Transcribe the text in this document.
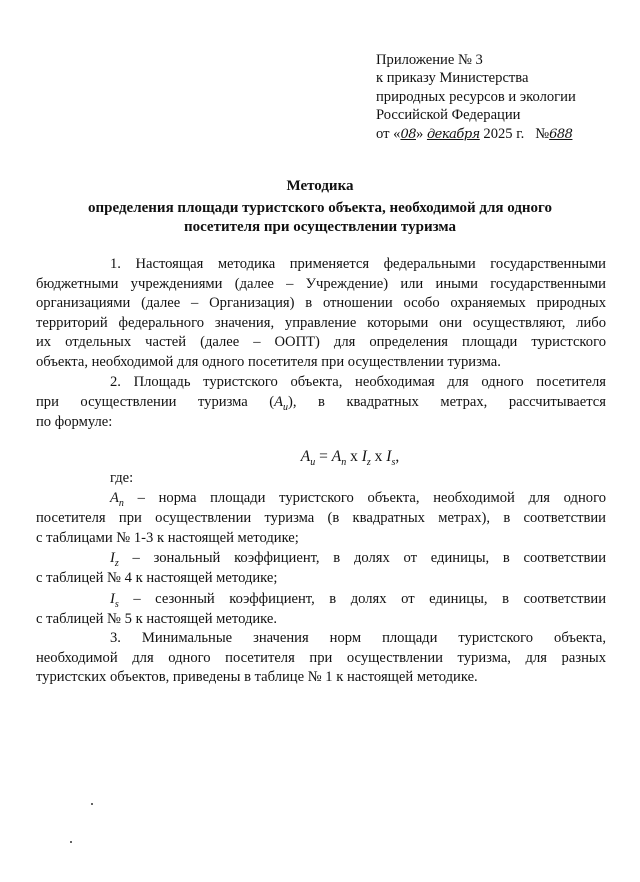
Приложение № 3
к приказу Министерства
природных ресурсов и экологии
Российской Федерации
от «08» декабря 2025 г. №688
Методика
определения площади туристского объекта, необходимой для одного
посетителя при осуществлении туризма
1. Настоящая методика применяется федеральными государственными
бюджетными учреждениями (далее – Учреждение) или иными государственными
организациями (далее – Организация) в отношении особо охраняемых природных
территорий федерального значения, управление которыми они осуществляют, либо
их отдельных частей (далее – ООПТ) для определения площади туристского
объекта, необходимой для одного посетителя при осуществлении туризма.
2. Площадь туристского объекта, необходимая для одного посетителя
при осуществлении туризма $(A_u)$, в квадратных метрах, рассчитывается
по формуле:
$A_u = A_n$ x $I_z$ x $I_s$,
где:
$A_n$ – норма площади туристского объекта, необходимой для одного
посетителя при осуществлении туризма (в квадратных метрах), в соответствии
с таблицами № 1-3 к настоящей методике;
$I_z$ – зональный коэффициент, в долях от единицы, в соответствии
с таблицей № 4 к настоящей методике;
$I_s$ – сезонный коэффициент, в долях от единицы, в соответствии
с таблицей № 5 к настоящей методике.
3. Минимальные значения норм площади туристского объекта,
необходимой для одного посетителя при осуществлении туризма, для разных
туристских объектов, приведены в таблице № 1 к настоящей методике.
